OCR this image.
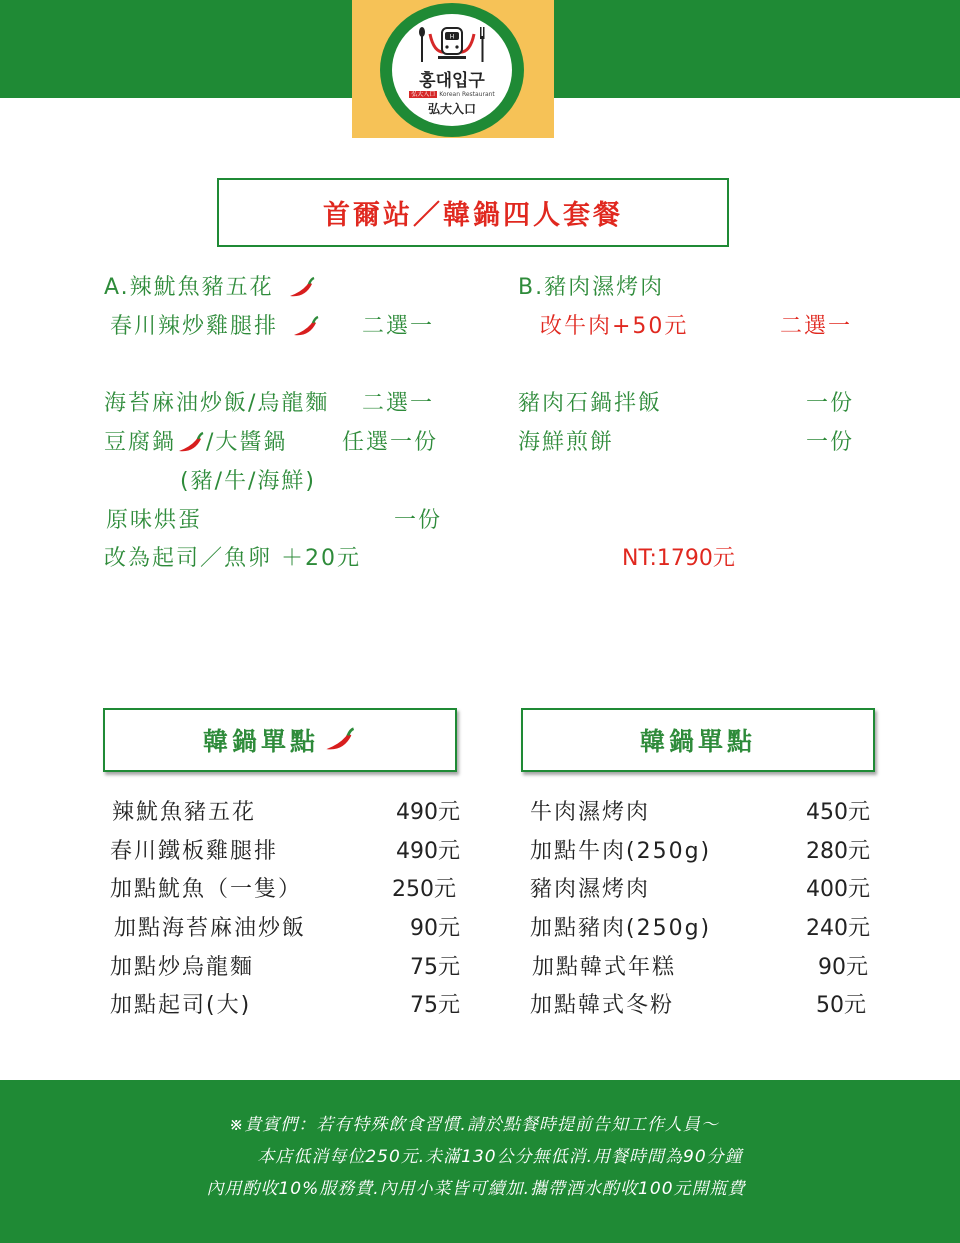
H
홍대입구
弘大入口 Korean Restaurant
弘大入口
首爾站／韓鍋四人套餐
A.辣魷魚豬五花
春川辣炒雞腿排	二選一
海苔麻油炒飯/烏龍麵 二選一
豆腐鍋 /大醬鍋 任選一份
(豬/牛/海鮮)
原味烘蛋	一份
改為起司／魚卵 ＋20元
B.豬肉濕烤肉
改牛肉+50元	二選一
豬肉石鍋拌飯	一份
海鮮煎餅	一份
NT:1790元
韓鍋單點
辣魷魚豬五花	490元
春川鐵板雞腿排	490元
加點魷魚（一隻）	250元
加點海苔麻油炒飯	90元
加點炒烏龍麵	75元
加點起司(大)	75元
韓鍋單點
牛肉濕烤肉	450元
加點牛肉(250g)	280元
豬肉濕烤肉	400元
加點豬肉(250g)	240元
加點韓式年糕	90元
加點韓式冬粉	50元
※貴賓們：若有特殊飲食習慣.請於點餐時提前告知工作人員～
本店低消每位250元.未滿130公分無低消.用餐時間為90分鐘
內用酌收10%服務費.內用小菜皆可續加.攜帶酒水酌收100元開瓶費
